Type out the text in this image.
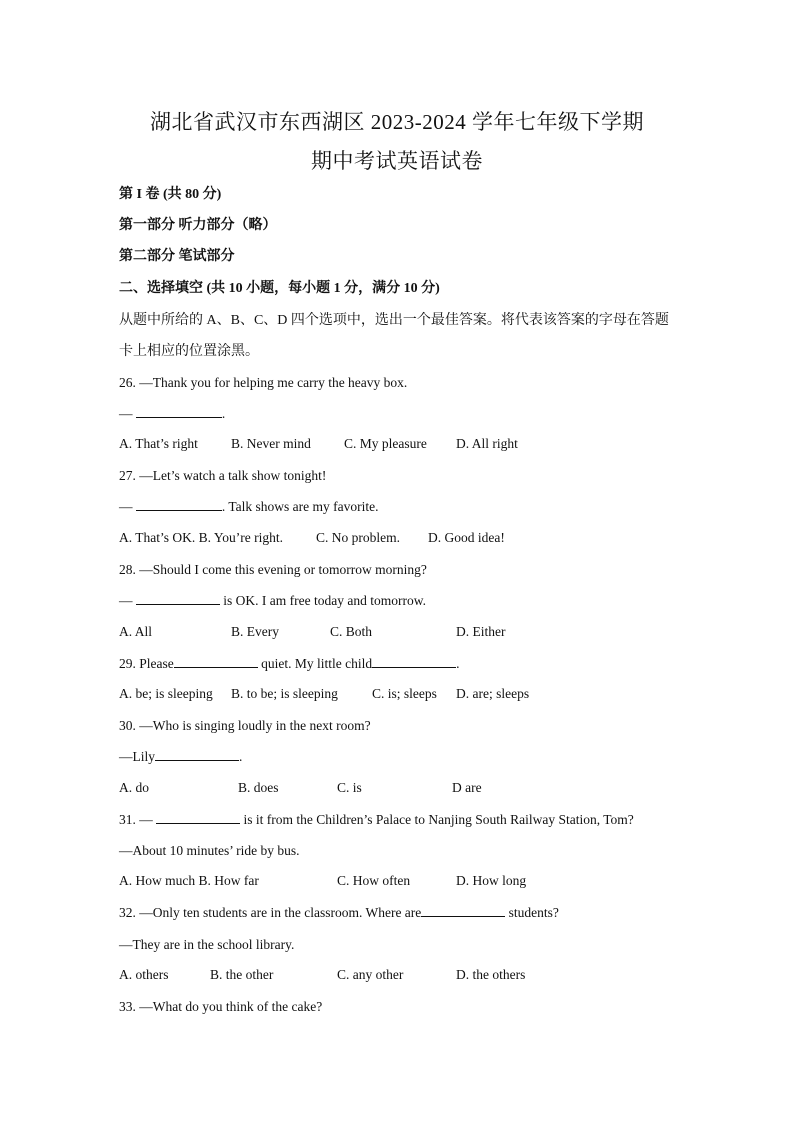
湖北省武汉市东西湖区 2023-2024 学年七年级下学期
期中考试英语试卷
第 I 卷 (共 80 分)
第一部分 听力部分（略）
第二部分 笔试部分
二、选择填空 (共 10 小题，每小题 1 分，满分 10 分)
从题中所给的 A、B、C、D 四个选项中，选出一个最佳答案。将代表该答案的字母在答题
卡上相应的位置涂黑。
26. —Thank you for helping me carry the heavy box.
—	.
A. That’s right B. Never mind C. My pleasure D. All right
27. —Let’s watch a talk show tonight!
—	. Talk shows are my favorite.
A. That’s OK. B. You’re right. C. No problem. D. Good idea!
28. —Should I come this evening or tomorrow morning?
—	is OK. I am free today and tomorrow.
A. All	B. Every	C. Both	D. Either
29. Please	quiet. My little child	.
A. be; is sleeping B. to be; is sleeping	C. is; sleeps D. are; sleeps
30. —Who is singing loudly in the next room?
—Lily	.
A. do	B. does	C. is	D are
31. —	is it from the Children’s Palace to Nanjing South Railway Station, Tom?
—About 10 minutes’ ride by bus.
A. How much B. How far	C. How often	D. How long
32. —Only ten students are in the classroom. Where are	students?
—They are in the school library.
A. others	B. the other	C. any other	D. the others
33. —What do you think of the cake?
